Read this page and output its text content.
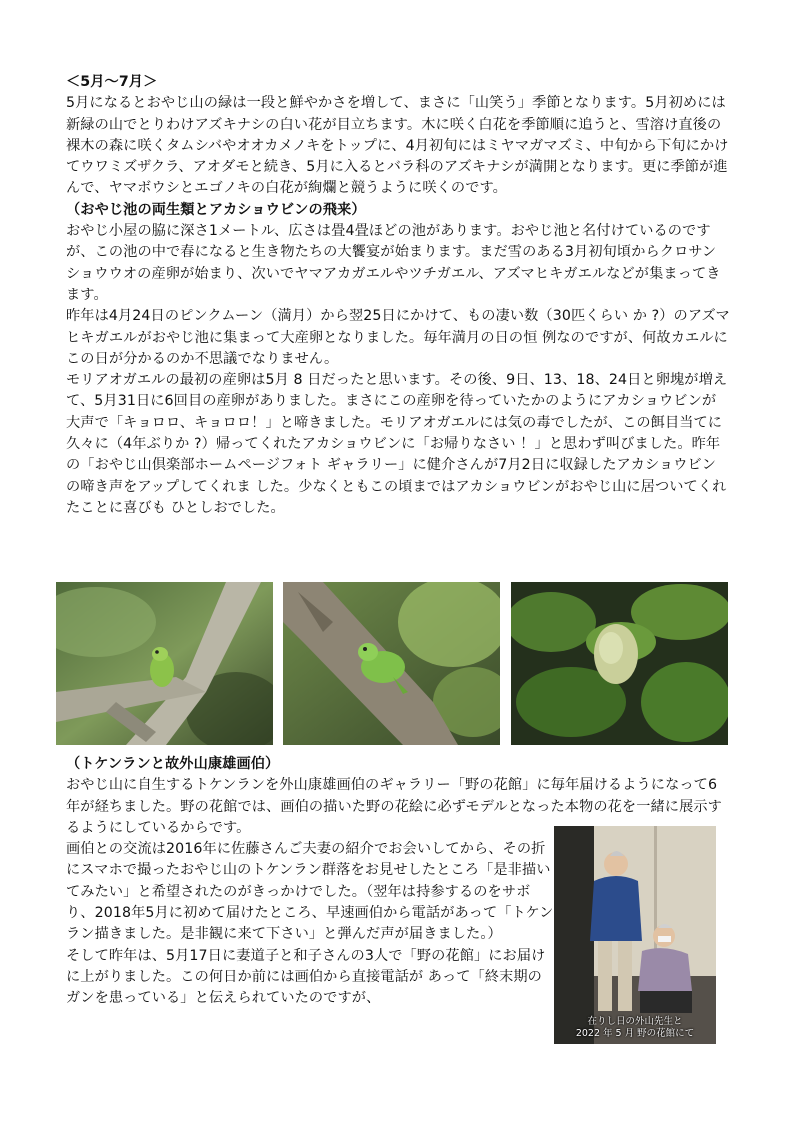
＜5月～7月＞

5月になるとおやじ山の緑は一段と鮮やかさを増して、まさに「山笑う」季節となります。5月初めには新緑の山でとりわけアズキナシの白い花が目立ちます。木に咲く白花を季節順に追うと、雪溶け直後の裸木の森に咲くタムシバやオオカメノキをトップに、4月初旬にはミヤマガマズミ、中旬から下旬にかけてウワミズザクラ、アオダモと続き、5月に入るとバラ科のアズキナシが満開となります。更に季節が進んで、ヤマボウシとエゴノキの白花が絢爛と競うように咲くのです。

（おやじ池の両生類とアカショウビンの飛来）

おやじ小屋の脇に深さ1メートル、広さは畳4畳ほどの池があります。おやじ池と名付けているのですが、この池の中で春になると生き物たちの大饗宴が始まります。まだ雪のある3月初旬頃からクロサンショウウオの産卵が始まり、次いでヤマアカガエルやツチガエル、アズマヒキガエルなどが集まってきます。

昨年は4月24日のピンクムーン（満月）から翌25日にかけて、もの凄い数（30匹くらい か ?）のアズマヒキガエルがおやじ池に集まって大産卵となりました。毎年満月の日の恒 例なのですが、何故カエルにこの日が分かるのか不思議でなりません。

モリアオガエルの最初の産卵は5月 8 日だったと思います。その後、9日、13、18、24日と卵塊が増えて、5月31日に6回目の産卵がありました。まさにこの産卵を待っていたかのようにアカショウビンが大声で「キョロロ、キョロロ！」と啼きました。モリアオガエルには気の毒でしたが、この餌目当てに久々に（4年ぶりか ?）帰ってくれたアカショウビンに「お帰りなさい ！」と思わず叫びました。昨年の「おやじ山倶楽部ホームページフォト ギャラリー」に健介さんが7月2日に収録したアカショウビンの啼き声をアップしてくれま した。少なくともこの頃まではアカショウビンがおやじ山に居ついてくれたことに喜びも ひとしおでした。

（トケンランと故外山康雄画伯）

おやじ山に自生するトケンランを外山康雄画伯のギャラリー「野の花館」に毎年届けるようになって6年が経ちました。野の花館では、画伯の描いた野の花絵に必ずモデルとなった本物の花を一緒に展示するようにしているからです。

画伯との交流は2016年に佐藤さんご夫妻の紹介でお会いしてから、その折にスマホで撮ったおやじ山のトケンラン群落をお見せしたところ「是非描いてみたい」と希望されたのがきっかけでした。（翌年は持参するのをサボり、2018年5月に初めて届けたところ、早速画伯から電話があって「トケンラン描きました。是非観に来て下さい」と弾んだ声が届きました。）

そして昨年は、5月17日に妻道子と和子さんの3人で「野の花館」にお届けに上がりました。この何日か前には画伯から直接電話が あって「終末期のガンを患っている」と伝えられていたのですが、

在りし日の外山先生と
2022 年 5 月 野の花館にて
